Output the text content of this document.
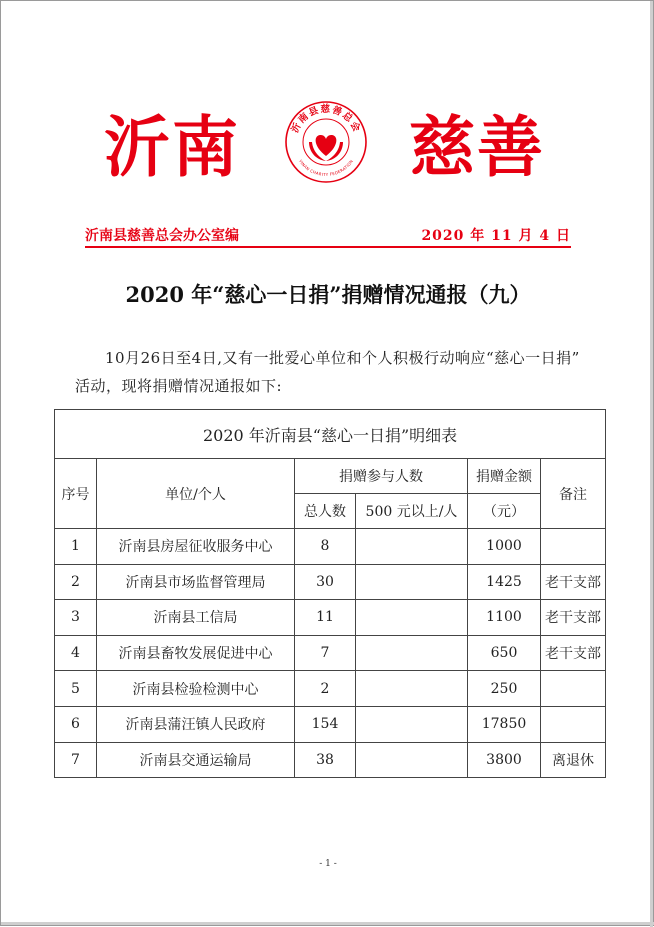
沂南	沂南县慈善总会
YINAN CHARITY FEDERATION 慈善
沂南县慈善总会办公室编	2020 年 11 月 4 日
2020 年“慈心一日捐”捐赠情况通报（九）
10月26日至4日,又有一批爱心单位和个人积极行动响应“慈心一日捐” 活动，现将捐赠情况通报如下:
2020 年沂南县“慈心一日捐”明细表					
序号	单位/个人	捐赠参与人数		捐赠金额	备注
		总人数	500 元以上/人	（元）	
1	沂南县房屋征收服务中心	8		1000	
2	沂南县市场监督管理局	30		1425	老干支部
3	沂南县工信局	11		1100	老干支部
4	沂南县畜牧发展促进中心	7		650	老干支部
5	沂南县检验检测中心	2		250	
6	沂南县蒲汪镇人民政府	154		17850	
7	沂南县交通运输局	38		3800	离退休
- 1 -
